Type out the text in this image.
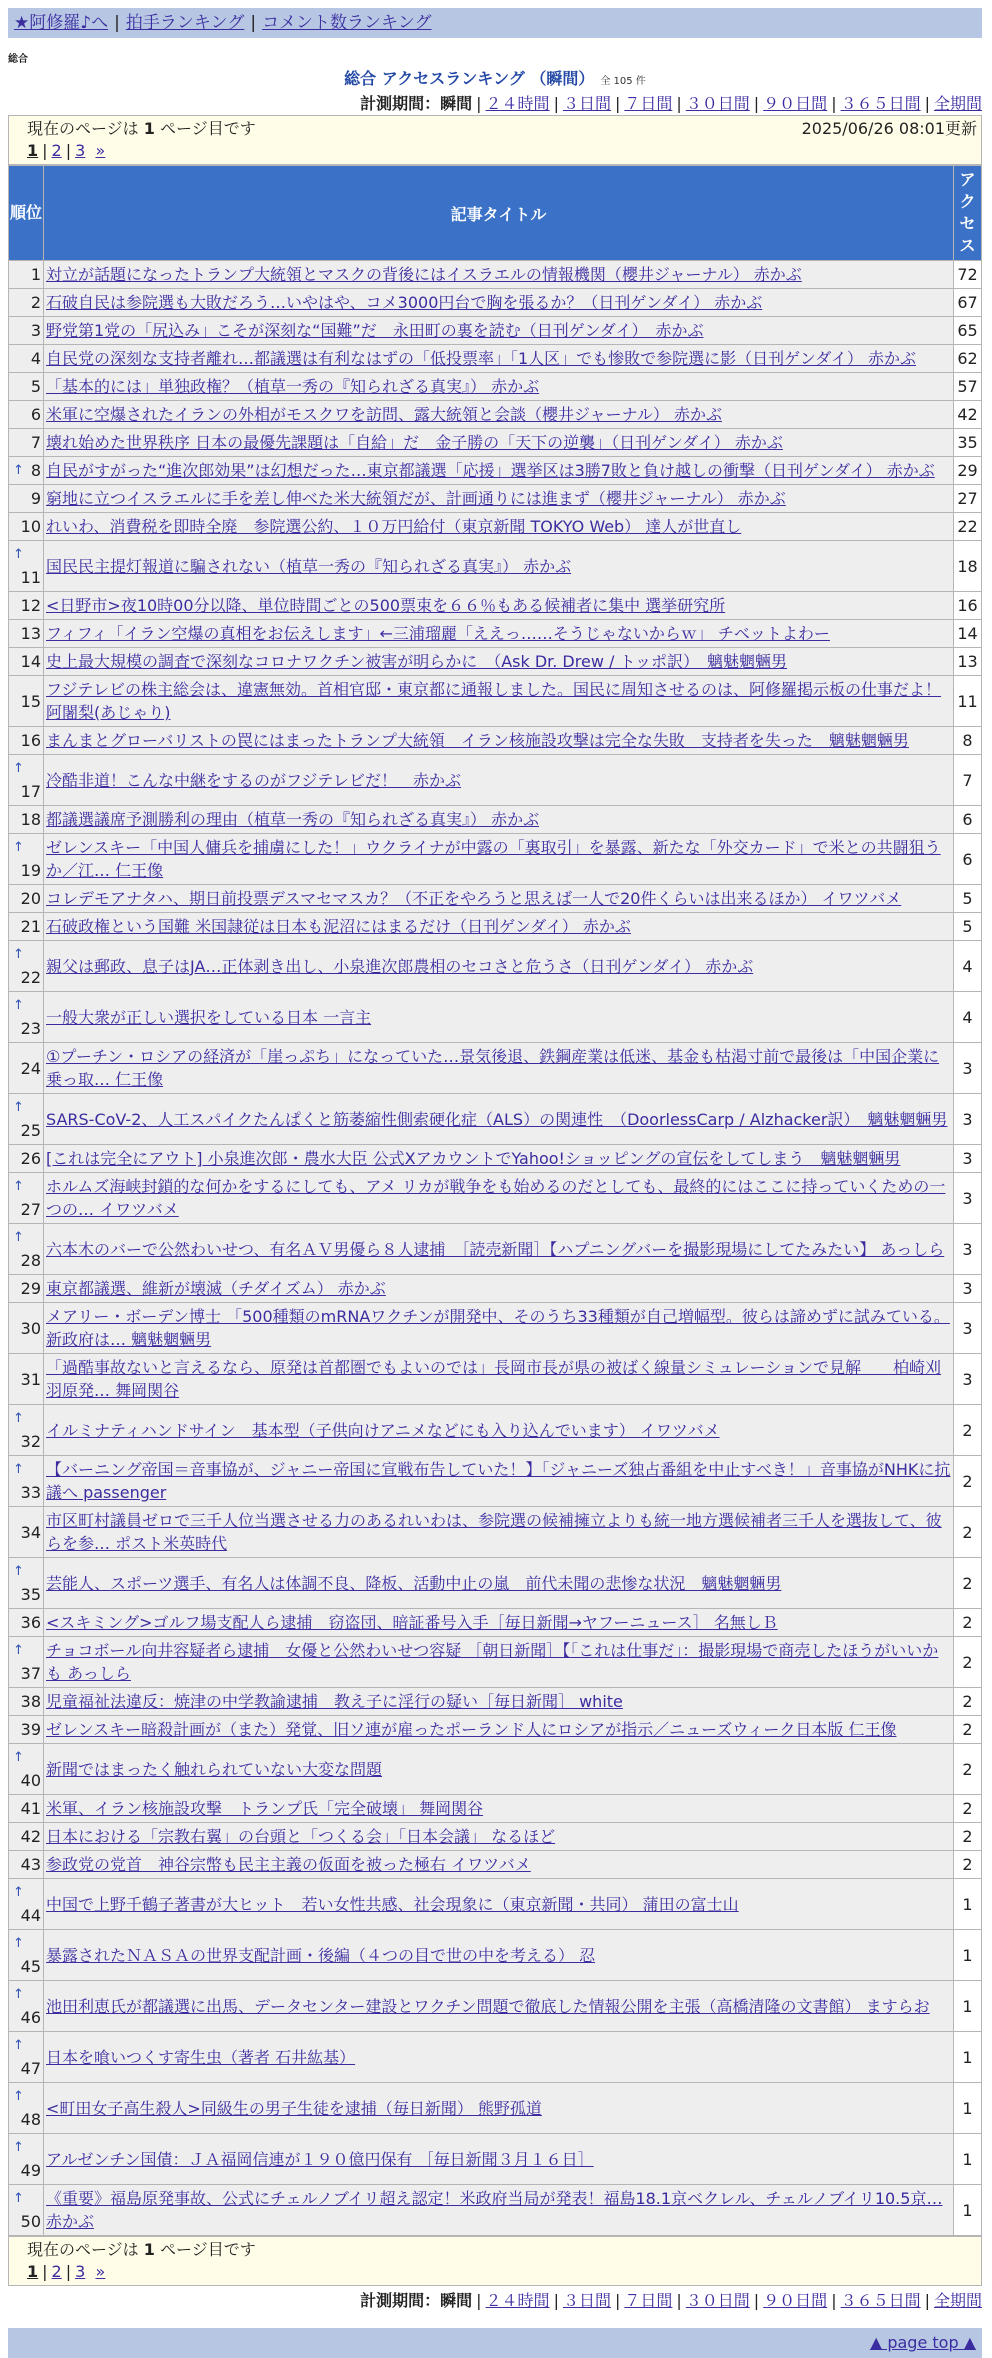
★阿修羅♪へ | 拍手ランキング | コメント数ランキング
総合
総合 アクセスランキング （瞬間） 全 105 件
計測期間：瞬間 | ２４時間 | ３日間 | ７日間 | ３０日間 | ９０日間 | ３６５日間 | 全期間
現在のページは 1 ページ目です	2025/06/26 08:01更新
1 | 2 | 3 »
順位	記事タイトル	アクセス
1	対立が話題になったトランプ大統領とマスクの背後にはイスラエルの情報機関（櫻井ジャーナル） 赤かぶ	72
2	石破自民は参院選も大敗だろう…いやはや、コメ3000円台で胸を張るか？（日刊ゲンダイ） 赤かぶ	67
3	野党第1党の「尻込み」こそが深刻な“国難”だ　永田町の裏を読む（日刊ゲンダイ）　赤かぶ	65
4	自民党の深刻な支持者離れ…都議選は有利なはずの「低投票率」「1人区」でも惨敗で参院選に影（日刊ゲンダイ） 赤かぶ	62
5	「基本的には」単独政権？（植草一秀の『知られざる真実』） 赤かぶ	57
6	米軍に空爆されたイランの外相がモスクワを訪問、露大統領と会談（櫻井ジャーナル） 赤かぶ	42
7	壊れ始めた世界秩序 日本の最優先課題は「自給」だ　金子勝の「天下の逆襲」（日刊ゲンダイ） 赤かぶ	35

↑ 8	自民がすがった“進次郎効果”は幻想だった…東京都議選「応援」選挙区は3勝7敗と負け越しの衝撃（日刊ゲンダイ） 赤かぶ	29
9	窮地に立つイスラエルに手を差し伸べた米大統領だが、計画通りには進まず（櫻井ジャーナル） 赤かぶ	27
10	れいわ、消費税を即時全廃　参院選公約、１０万円給付（東京新聞 TOKYO Web） 達人が世直し	22

↑
11	国民民主提灯報道に騙されない（植草一秀の『知られざる真実』） 赤かぶ	18
12	<日野市>夜10時00分以降、単位時間ごとの500票束を６６％もある候補者に集中 選挙研究所	16
13	フィフィ「イラン空爆の真相をお伝えします」←三浦瑠麗「ええっ……そうじゃないからｗ」 チベットよわー	14
14	史上最大規模の調査で深刻なコロナワクチン被害が明らかに　（Ask Dr. Drew / トッポ訳）　魑魅魍魎男	13
15	フジテレビの株主総会は、違憲無効。首相官邸・東京都に通報しました。国民に周知させるのは、阿修羅掲示板の仕事だよ！ 阿闍梨(あじゃり)	11
16	まんまとグローバリストの罠にはまったトランプ大統領　イラン核施設攻撃は完全な失敗　支持者を失った　魑魅魍魎男	8

↑
17	冷酷非道！こんな中継をするのがフジテレビだ！　赤かぶ	7
18	都議選議席予測勝利の理由（植草一秀の『知られざる真実』） 赤かぶ	6

↑
19	ゼレンスキー「中国人傭兵を捕虜にした！」ウクライナが中露の「裏取引」を暴露、新たな「外交カード」で米との共闘狙うか／江… 仁王像	6
20	コレデモアナタハ、期日前投票デスマセマスカ？（不正をやろうと思えば一人で20件くらいは出来るほか） イワツバメ	5
21	石破政権という国難 米国隷従は日本も泥沼にはまるだけ（日刊ゲンダイ） 赤かぶ	5

↑
22	親父は郵政、息子はJA…正体剥き出し、小泉進次郎農相のセコさと危うさ（日刊ゲンダイ） 赤かぶ	4

↑
23	一般大衆が正しい選択をしている日本 一言主	4
24	①プーチン・ロシアの経済が「崖っぷち」になっていた…景気後退、鉄鋼産業は低迷、基金も枯渇寸前で最後は「中国企業に乗っ取… 仁王像	3

↑
25	SARS-CoV-2、人工スパイクたんぱくと筋萎縮性側索硬化症（ALS）の関連性　（DoorlessCarp / Alzhacker訳）　魑魅魍魎男	3
26	[これは完全にアウト] 小泉進次郎・農水大臣 公式XアカウントでYahoo!ショッピングの宣伝をしてしまう　魑魅魍魎男	3

↑
27	ホルムズ海峡封鎖的な何かをするにしても、アメ リカが戦争をも始めるのだとしても、最終的にはここに持っていくための一つの… イワツバメ	3

↑
28	六本木のバーで公然わいせつ、有名ＡＶ男優ら８人逮捕　［読売新聞］【ハプニングバーを撮影現場にしてたみたい】 あっしら	3
29	東京都議選、維新が壊滅（チダイズム） 赤かぶ	3
30	メアリー・ボーデン博士 「500種類のmRNAワクチンが開発中、そのうち33種類が自己増幅型。彼らは諦めずに試みている。新政府は… 魑魅魍魎男	3
31	「過酷事故ないと言えるなら、原発は首都圏でもよいのでは」長岡市長が県の被ばく線量シミュレーションで見解　　柏崎刈羽原発… 舞岡関谷	3

↑
32	イルミナティハンドサイン　基本型（子供向けアニメなどにも入り込んでいます） イワツバメ	2

↑
33	【バーニング帝国＝音事協が、ジャニー帝国に宣戦布告していた！】「ジャニーズ独占番組を中止すべき！」音事協がNHKに抗議へ passenger	2
34	市区町村議員ゼロで三千人位当選させる力のあるれいわは、参院選の候補擁立よりも統一地方選候補者三千人を選抜して、彼らを参… ポスト米英時代	2

↑
35	芸能人、スポーツ選手、有名人は体調不良、降板、活動中止の嵐　前代未聞の悲惨な状況　魑魅魍魎男	2
36	<スキミング>ゴルフ場支配人ら逮捕　窃盗団、暗証番号入手［毎日新聞→ヤフーニュース］ 名無しＢ	2

↑
37	チョコボール向井容疑者ら逮捕　女優と公然わいせつ容疑 ［朝日新聞］【「これは仕事だ」：撮影現場で商売したほうがいいかも あっしら	2
38	児童福祉法違反：焼津の中学教諭逮捕　教え子に淫行の疑い［毎日新聞］ white	2
39	ゼレンスキー暗殺計画が（また）発覚、旧ソ連が雇ったポーランド人にロシアが指示／ニューズウィーク日本版 仁王像	2

↑
40	新聞ではまったく触れられていない大変な問題	2
41	米軍、イラン核施設攻撃　トランプ氏「完全破壊」 舞岡関谷	2
42	日本における「宗教右翼」の台頭と「つくる会」「日本会議」 なるほど	2
43	参政党の党首　神谷宗幣も民主主義の仮面を被った極右 イワツバメ	2

↑
44	中国で上野千鶴子著書が大ヒット　若い女性共感、社会現象に（東京新聞・共同） 蒲田の富士山	1

↑
45	暴露されたＮＡＳＡの世界支配計画・後編（４つの目で世の中を考える） 忍	1

↑
46	池田利恵氏が都議選に出馬、データセンター建設とワクチン問題で徹底した情報公開を主張（高橋清隆の文書館） ますらお	1

↑
47	日本を喰いつくす寄生虫（著者 石井紘基）	1

↑
48	<町田女子高生殺人>同級生の男子生徒を逮捕（毎日新聞） 熊野孤道	1

↑
49	アルゼンチン国債：ＪＡ福岡信連が１９０億円保有 ［毎日新聞３月１６日］	1

↑
50	《重要》福島原発事故、公式にチェルノブイリ超え認定！米政府当局が発表！福島18.1京ベクレル、チェルノブイリ10.5京… 赤かぶ	1
現在のページは 1 ページ目です
1 | 2 | 3 »
計測期間：瞬間 | ２４時間 | ３日間 | ７日間 | ３０日間 | ９０日間 | ３６５日間 | 全期間
▲ page top ▲
